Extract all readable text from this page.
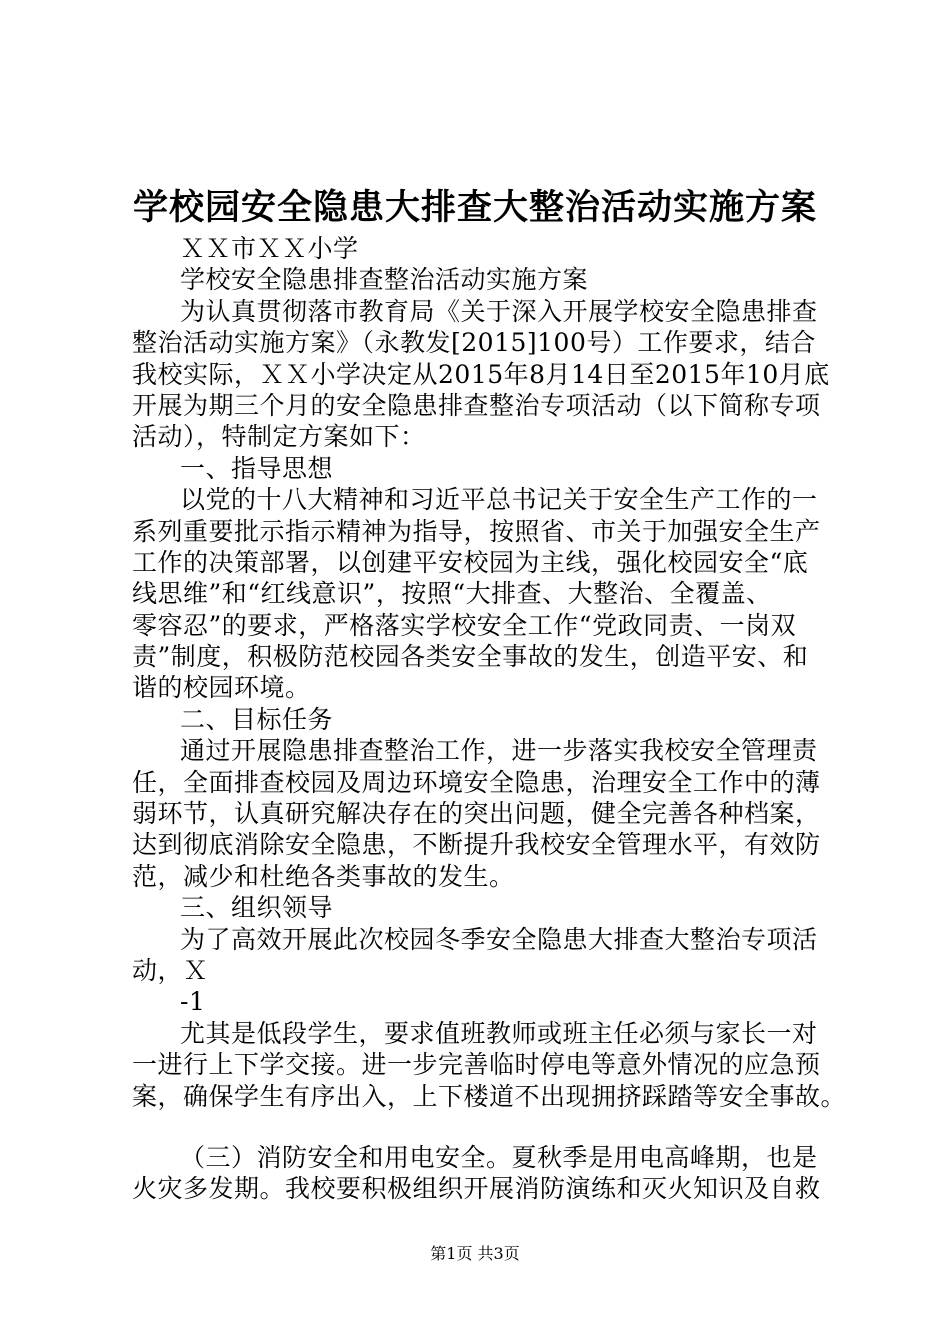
学校园安全隐患大排查大整治活动实施方案
ＸＸ市ＸＸ小学
学校安全隐患排查整治活动实施方案
为认真贯彻落市教育局《关于深入开展学校安全隐患排查
整治活动实施方案》（永教发[2015]100号）工作要求，结合
我校实际，ＸＸ小学决定从2015年8月14日至2015年10月底
开展为期三个月的安全隐患排查整治专项活动（以下简称专项
活动），特制定方案如下：
一、指导思想
以党的十八大精神和习近平总书记关于安全生产工作的一
系列重要批示指示精神为指导，按照省、市关于加强安全生产
工作的决策部署，以创建平安校园为主线，强化校园安全“底
线思维”和“红线意识”，按照“大排查、大整治、全覆盖、
零容忍”的要求，严格落实学校安全工作“党政同责、一岗双
责”制度，积极防范校园各类安全事故的发生，创造平安、和
谐的校园环境。
二、目标任务
通过开展隐患排查整治工作，进一步落实我校安全管理责
任，全面排查校园及周边环境安全隐患，治理安全工作中的薄
弱环节，认真研究解决存在的突出问题，健全完善各种档案，
达到彻底消除安全隐患，不断提升我校安全管理水平，有效防
范，减少和杜绝各类事故的发生。
三、组织领导
为了高效开展此次校园冬季安全隐患大排查大整治专项活
动，Ｘ
-1
尤其是低段学生，要求值班教师或班主任必须与家长一对
一进行上下学交接。进一步完善临时停电等意外情况的应急预
案，确保学生有序出入，上下楼道不出现拥挤踩踏等安全事故。
（三）消防安全和用电安全。夏秋季是用电高峰期，也是
火灾多发期。我校要积极组织开展消防演练和灭火知识及自救
第1页 共3页
